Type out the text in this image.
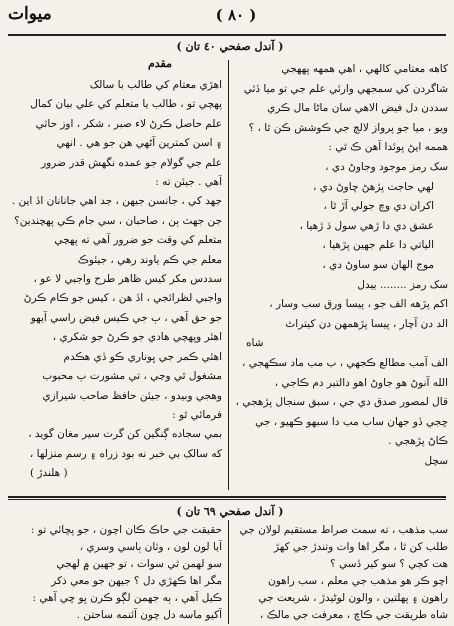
ميوات	( ٨٠ )
( آندل صفحي ٤٠ تان )
مقدم	كاهه معتامي كالهي ، اهي همهه پههجي

شاگردن کي سمجهي وارئي علم جي تو ميا ڏئي

سددن دل فيض الاهي سان ماڻا مال ڪري

ويو ، ميا جو پرواز لالچ جي ڪوشش ڪن ٿا ، ؟

هممه ايڻ پوئدا آهن ڪ ٿي :

سک رمز موجود وجاوڻ دي ،

لهي حاجت پڙهڻ ڇاوڻ دي ،

اکران دي وچ جولي آڙ ٿا ،

عشق دي دا ڙهي سول ڌ ڙهيا ،

الياتي دا علم جهين پڙهيا ،

موج الهان سو ساوڻ دي ،

سک رمز ........ ييدل

اکم پڙهه الف جو ، پيسا ورق سب وسار ،

الد دن آچار ، پيسا پڙهمهن دن کيتراٿ

شاه

الف آمب مطالع ڪجهي ، ب مب ماد سڪهجي ،

الله آنوڻ هو جاوڻ اهو دالتبر دم ڪاجي ،

قال لمصور صدق دي جي ، سبق سنجال پڙهجي ،

ڇجي ڏو جهان ساب مب دا سبهو ڪهيو ، جي

ڪاڻ پڙهجي .

سچل

اهڙي معتام کي طالب با سالک

پهچي تو ، طالب يا متعلم کي علي بيان کمال

علم حاصل ڪرڻ لاء صبر ، شکر ، اوز حاٽي

۽ اسن کمترين آڻهي هن جو هي . انهي

علم جي گولام جو عمده نگهش قدر ضرور

آهي . جيئن ته :

جهد کي ، جانسن جيهن ، جد اهي جانانان اڏ اين .

جن جهٽ ٻن ، صاحبان ، سي جام ڪي پهچندين؟

متعلم کي وقت جو ضرور آهي ته پهچي

معلم جي ڪم ياوند رهي ، جيئوڪ

سددس مکر کيس ظاهر طرح واجبي لا عو ،

واجبي لظرائجي ، اڏ هن ، کيس جو ڪام ڪرڻ

جو حق آهي ، ٻ جي ڪيس فيض راسي آيهو

اهئر وپهچي هادي جو ڪرڻ جو شکري ،

اهئي ڪمر جي ڀوناري ڪو ڏي هڪدم

مشغول ٿي وڃي ، تي مشورت ٻ محبوب

وهجي وبيدو ، جيئن حافظ صاحب شيرازي

فرمائي ٿو :

بمي سجاده ڳنگين کن گرت سير مغان گويد ،

که سالک بي خبر نه بود زراه ۽ رسم منزلها ،

( هلندڙ )

( آندل صفحي ٦٩ تان )

سب مذهب ، ته سمت صراط مستقيم لولان جي

طلب کن ٿا ، مگر اها وات وٺندڙ جي کهڙ

هت کڄي ؟ سو کير ڏسي ؟

اچو ڪر هو مذهب جي معلم ، سب راهون

راهون ۽ پهلتين ، والون لوڻيدڙ ، شريعت جي

شاه طريقت جي ڪاڇ ، معرفت جي مالڪ ،

حقيقت جي حاڪ ڪان اچون ، جو پڇائي تو :

آيا لون لون ، وٽان ٻاسي وسري ،

سو لهمن ٿي سوات ، تو جهين ۾ لهجي

مگر اها ڪهڙي دل ؟ جيهن جو معي ذکر

ڪيل آهي ، ٻه جهمن لڳو ڪرن ڀو ڇي آهي :

آکيو ماسه دل چون آئنمه ساحتن .
